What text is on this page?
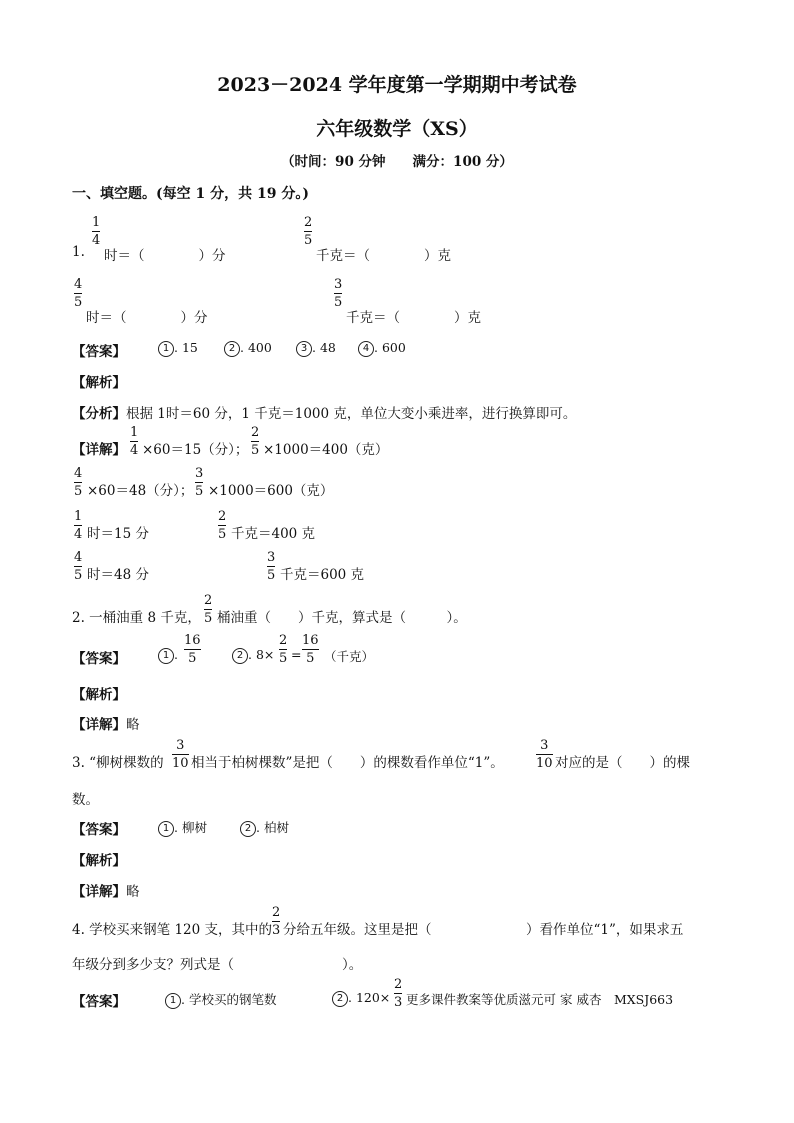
2023－2024 学年度第一学期期中考试卷
六年级数学（XS）
（时间：90 分钟　　满分：100 分）
一、填空题。(每空 1 分，共 19 分。)
1.
1
4
时＝（　　　　）分
2
5
千克＝（　　　　）克
4
5
时＝（　　　　）分
3
5
千克＝（　　　　）克
【答案】	1 . 15	2 . 400	3 . 48	4 . 600
【解析】
【分析】根据 1时＝60 分，1 千克＝1000 克，单位大变小乘进率，进行换算即可。
【详解】
1
4 ×60＝15（分）；
2
5 ×1000＝400（克）
4
5 ×60＝48（分）；
3
5 ×1000＝600（克）
1
4 时＝15 分
2
5 千克＝400 克
4
5 时＝48 分
3
5 千克＝600 克
2. 一桶油重 8 千克，
2
5 桶油重（　　）千克，算式是（　　　）。
【答案】	1 .
16
5	2 . 8×
2
5 =
16
5 （千克）
【解析】
【详解】略
3. “柳树棵数的
3
10 相当于柏树棵数”是把（　　）的棵数看作单位“1”。
3
10 对应的是（　　）的棵
数。
【答案】	1 . 柳树	2 . 柏树
【解析】
【详解】略
4. 学校买来钢笔 120 支，其中的
2
3 分给五年级。这里是把（　　　　　　　）看作单位“1”，如果求五
年级分到多少支？列式是（　　　　　　　　）。
【答案】	1 . 学校买的钢笔数	2 . 120×
2
3 更多课件教案等优质滋元可 家 威杏　MXSJ663
